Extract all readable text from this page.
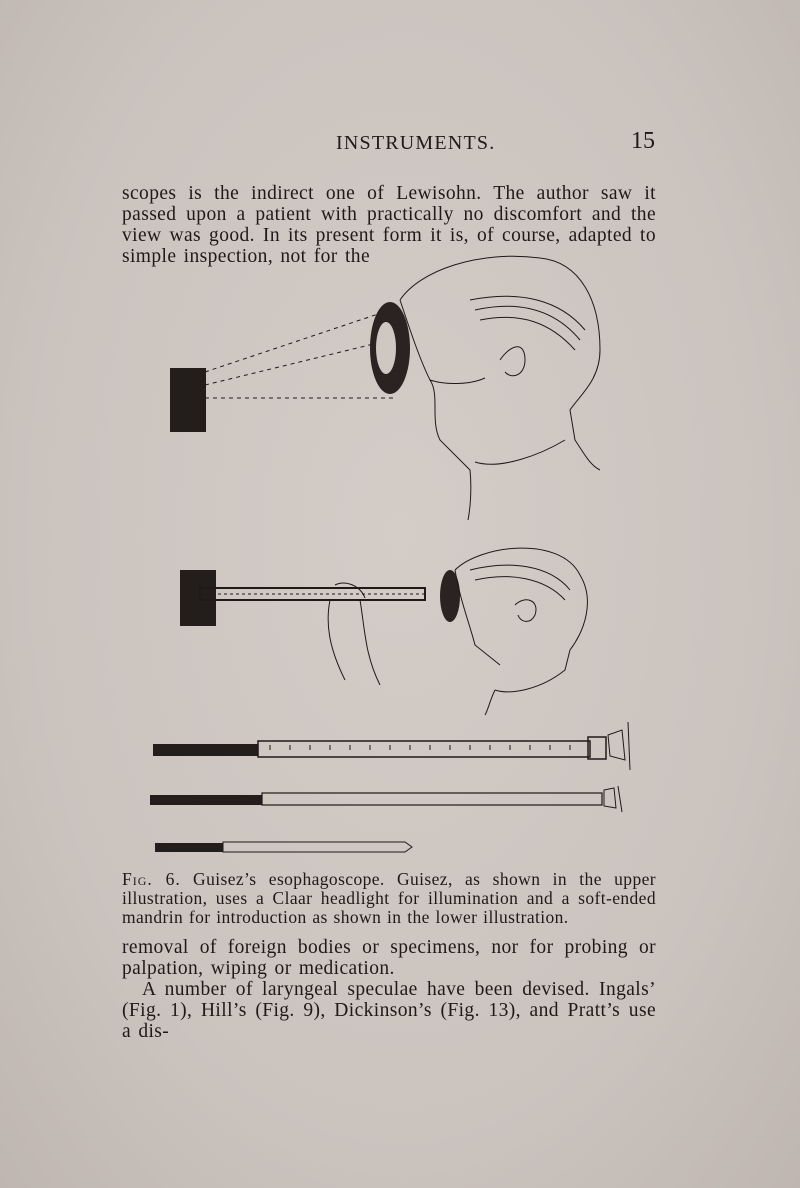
INSTRUMENTS.	15

scopes is the indirect one of Lewisohn. The author saw it passed upon a patient with practically no discomfort and the view was good. In its present form it is, of course, adapted to simple inspection, not for the

Fig. 6. Guisez’s esophagoscope. Guisez, as shown in the upper illustration, uses a Claar headlight for illumination and a soft-ended mandrin for introduction as shown in the lower illustration.

removal of foreign bodies or specimens, nor for probing or palpation, wiping or medication.

A number of laryngeal speculae have been devised. Ingals’ (Fig. 1), Hill’s (Fig. 9), Dickinson’s (Fig. 13), and Pratt’s use a dis-
